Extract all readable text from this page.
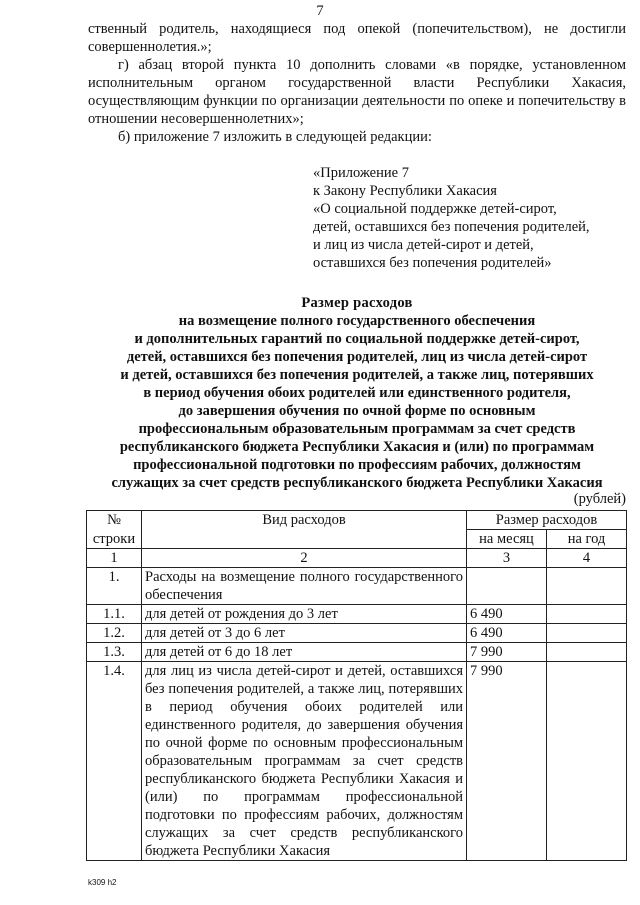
7

ственный родитель, находящиеся под опекой (попечительством), не достигли совершеннолетия.»;

г) абзац второй пункта 10 дополнить словами «в порядке, установленном исполнительным органом государственной власти Республики Хакасия, осуществляющим функции по организации деятельности по опеке и попечительству в отношении несовершеннолетних»;

б) приложение 7 изложить в следующей редакции:

«Приложение 7
к Закону Республики Хакасия
«О социальной поддержке детей-сирот,
детей, оставшихся без попечения родителей,
и лиц из числа детей-сирот и детей,
оставшихся без попечения родителей»
Размер расходов
на возмещение полного государственного обеспечения
и дополнительных гарантий по социальной поддержке детей-сирот,
детей, оставшихся без попечения родителей, лиц из числа детей-сирот
и детей, оставшихся без попечения родителей, а также лиц, потерявших
в период обучения обоих родителей или единственного родителя,
до завершения обучения по очной форме по основным
профессиональным образовательным программам за счет средств
республиканского бюджета Республики Хакасия и (или) по программам
профессиональной подготовки по профессиям рабочих, должностям
служащих за счет средств республиканского бюджета Республики Хакасия
(рублей)
№	Вид расходов	Размер расходов	
строки		на месяц	на год
1	2	3	4
1.	Расходы на возмещение полного государственного обеспечения		
1.1.	для детей от рождения до 3 лет	6 490	
1.2.	для детей от 3 до 6 лет	6 490	
1.3.	для детей от 6 до 18 лет	7 990	
1.4.	для лиц из числа детей-сирот и детей, оставшихся без попечения родителей, а также лиц, потерявших в период обучения обоих родителей или единственного родителя, до завершения обучения по очной форме по основным профессиональным образовательным программам за счет средств республиканского бюджета Республики Хакасия и (или) по программам профессиональной подготовки по профессиям рабочих, должностям служащих за счет средств республиканского бюджета Республики Хакасия	7 990	
k309 h2
